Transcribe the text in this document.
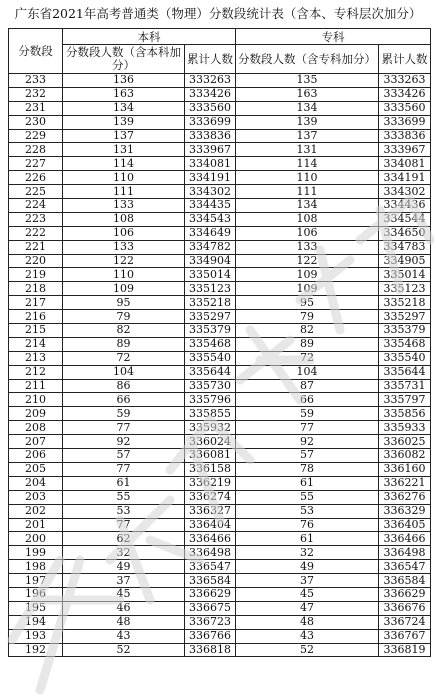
广东省2021年高考普通类（物理）分数段统计表（含本、专科层次加分）
分数段	本科		专科	
	分数段人数（含本科加分）	累计人数	分数段人数（含专科加分）	累计人数
233	136	333263	135	333263
232	163	333426	163	333426
231	134	333560	134	333560
230	139	333699	139	333699
229	137	333836	137	333836
228	131	333967	131	333967
227	114	334081	114	334081
226	110	334191	110	334191
225	111	334302	111	334302
224	133	334435	134	334436
223	108	334543	108	334544
222	106	334649	106	334650
221	133	334782	133	334783
220	122	334904	122	334905
219	110	335014	109	335014
218	109	335123	109	335123
217	95	335218	95	335218
216	79	335297	79	335297
215	82	335379	82	335379
214	89	335468	89	335468
213	72	335540	72	335540
212	104	335644	104	335644
211	86	335730	87	335731
210	66	335796	66	335797
209	59	335855	59	335856
208	77	335932	77	335933
207	92	336024	92	336025
206	57	336081	57	336082
205	77	336158	78	336160
204	61	336219	61	336221
203	55	336274	55	336276
202	53	336327	53	336329
201	77	336404	76	336405
200	62	336466	61	336466
199	32	336498	32	336498
198	49	336547	49	336547
197	37	336584	37	336584
196	45	336629	45	336629
195	46	336675	47	336676
194	48	336723	48	336724
193	43	336766	43	336767
192	52	336818	52	336819
